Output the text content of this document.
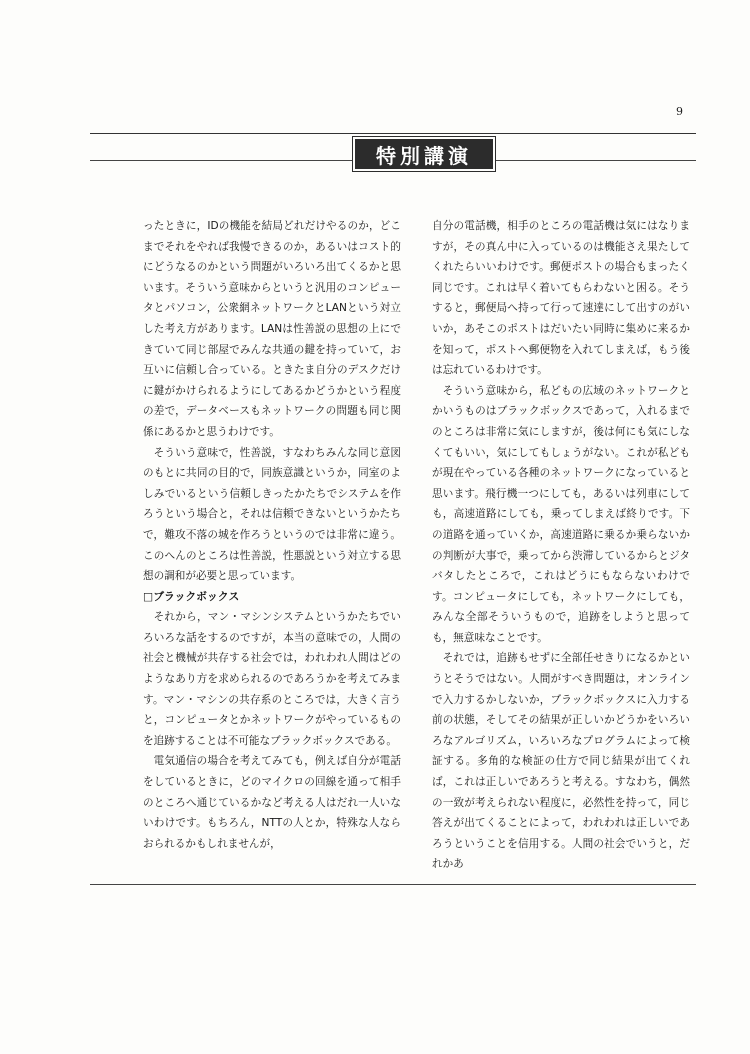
9
特別講演

ったときに，IDの機能を結局どれだけやるのか，どこまでそれをやれば我慢できるのか，あるいはコスト的にどうなるのかという問題がいろいろ出てくるかと思います。そういう意味からというと汎用のコンピュータとパソコン，公衆網ネットワークとLANという対立した考え方があります。LANは性善説の思想の上にできていて同じ部屋でみんな共通の鍵を持っていて，お互いに信頼し合っている。ときたま自分のデスクだけに鍵がかけられるようにしてあるかどうかという程度の差で，データベースもネットワークの問題も同じ関係にあるかと思うわけです。

そういう意味で，性善説，すなわちみんな同じ意図のもとに共同の目的で，同族意識というか，同室のよしみでいるという信頼しきったかたちでシステムを作ろうという場合と，それは信頼できないというかたちで，難攻不落の城を作ろうというのでは非常に違う。このへんのところは性善説，性悪説という対立する思想の調和が必要と思っています。

□ブラックボックス

それから，マン・マシンシステムというかたちでいろいろな話をするのですが，本当の意味での，人間の社会と機械が共存する社会では，われわれ人間はどのようなあり方を求められるのであろうかを考えてみます。マン・マシンの共存系のところでは，大きく言うと，コンピュータとかネットワークがやっているものを追跡することは不可能なブラックボックスである。

電気通信の場合を考えてみても，例えば自分が電話をしているときに，どのマイクロの回線を通って相手のところへ通じているかなど考える人はだれ一人いないわけです。もちろん，NTTの人とか，特殊な人ならおられるかもしれませんが，

自分の電話機，相手のところの電話機は気にはなりますが，その真ん中に入っているのは機能さえ果たしてくれたらいいわけです。郵便ポストの場合もまったく同じです。これは早く着いてもらわないと困る。そうすると，郵便局へ持って行って速達にして出すのがいいか，あそこのポストはだいたい同時に集めに来るかを知って，ポストへ郵便物を入れてしまえば，もう後は忘れているわけです。

そういう意味から，私どもの広域のネットワークとかいうものはブラックボックスであって，入れるまでのところは非常に気にしますが，後は何にも気にしなくてもいい，気にしてもしょうがない。これが私どもが現在やっている各種のネットワークになっていると思います。飛行機一つにしても，あるいは列車にしても，高速道路にしても，乗ってしまえば終りです。下の道路を通っていくか，高速道路に乗るか乗らないかの判断が大事で，乗ってから渋滞しているからとジタバタしたところで，これはどうにもならないわけです。コンピュータにしても，ネットワークにしても，みんな全部そういうもので，追跡をしようと思っても，無意味なことです。

それでは，追跡もせずに全部任せきりになるかというとそうではない。人間がすべき問題は，オンラインで入力するかしないか，ブラックボックスに入力する前の状態，そしてその結果が正しいかどうかをいろいろなアルゴリズム，いろいろなプログラムによって検証する。多角的な検証の仕方で同じ結果が出てくれば，これは正しいであろうと考える。すなわち，偶然の一致が考えられない程度に，必然性を持って，同じ答えが出てくることによって，われわれは正しいであろうということを信用する。人間の社会でいうと，だれかあ
